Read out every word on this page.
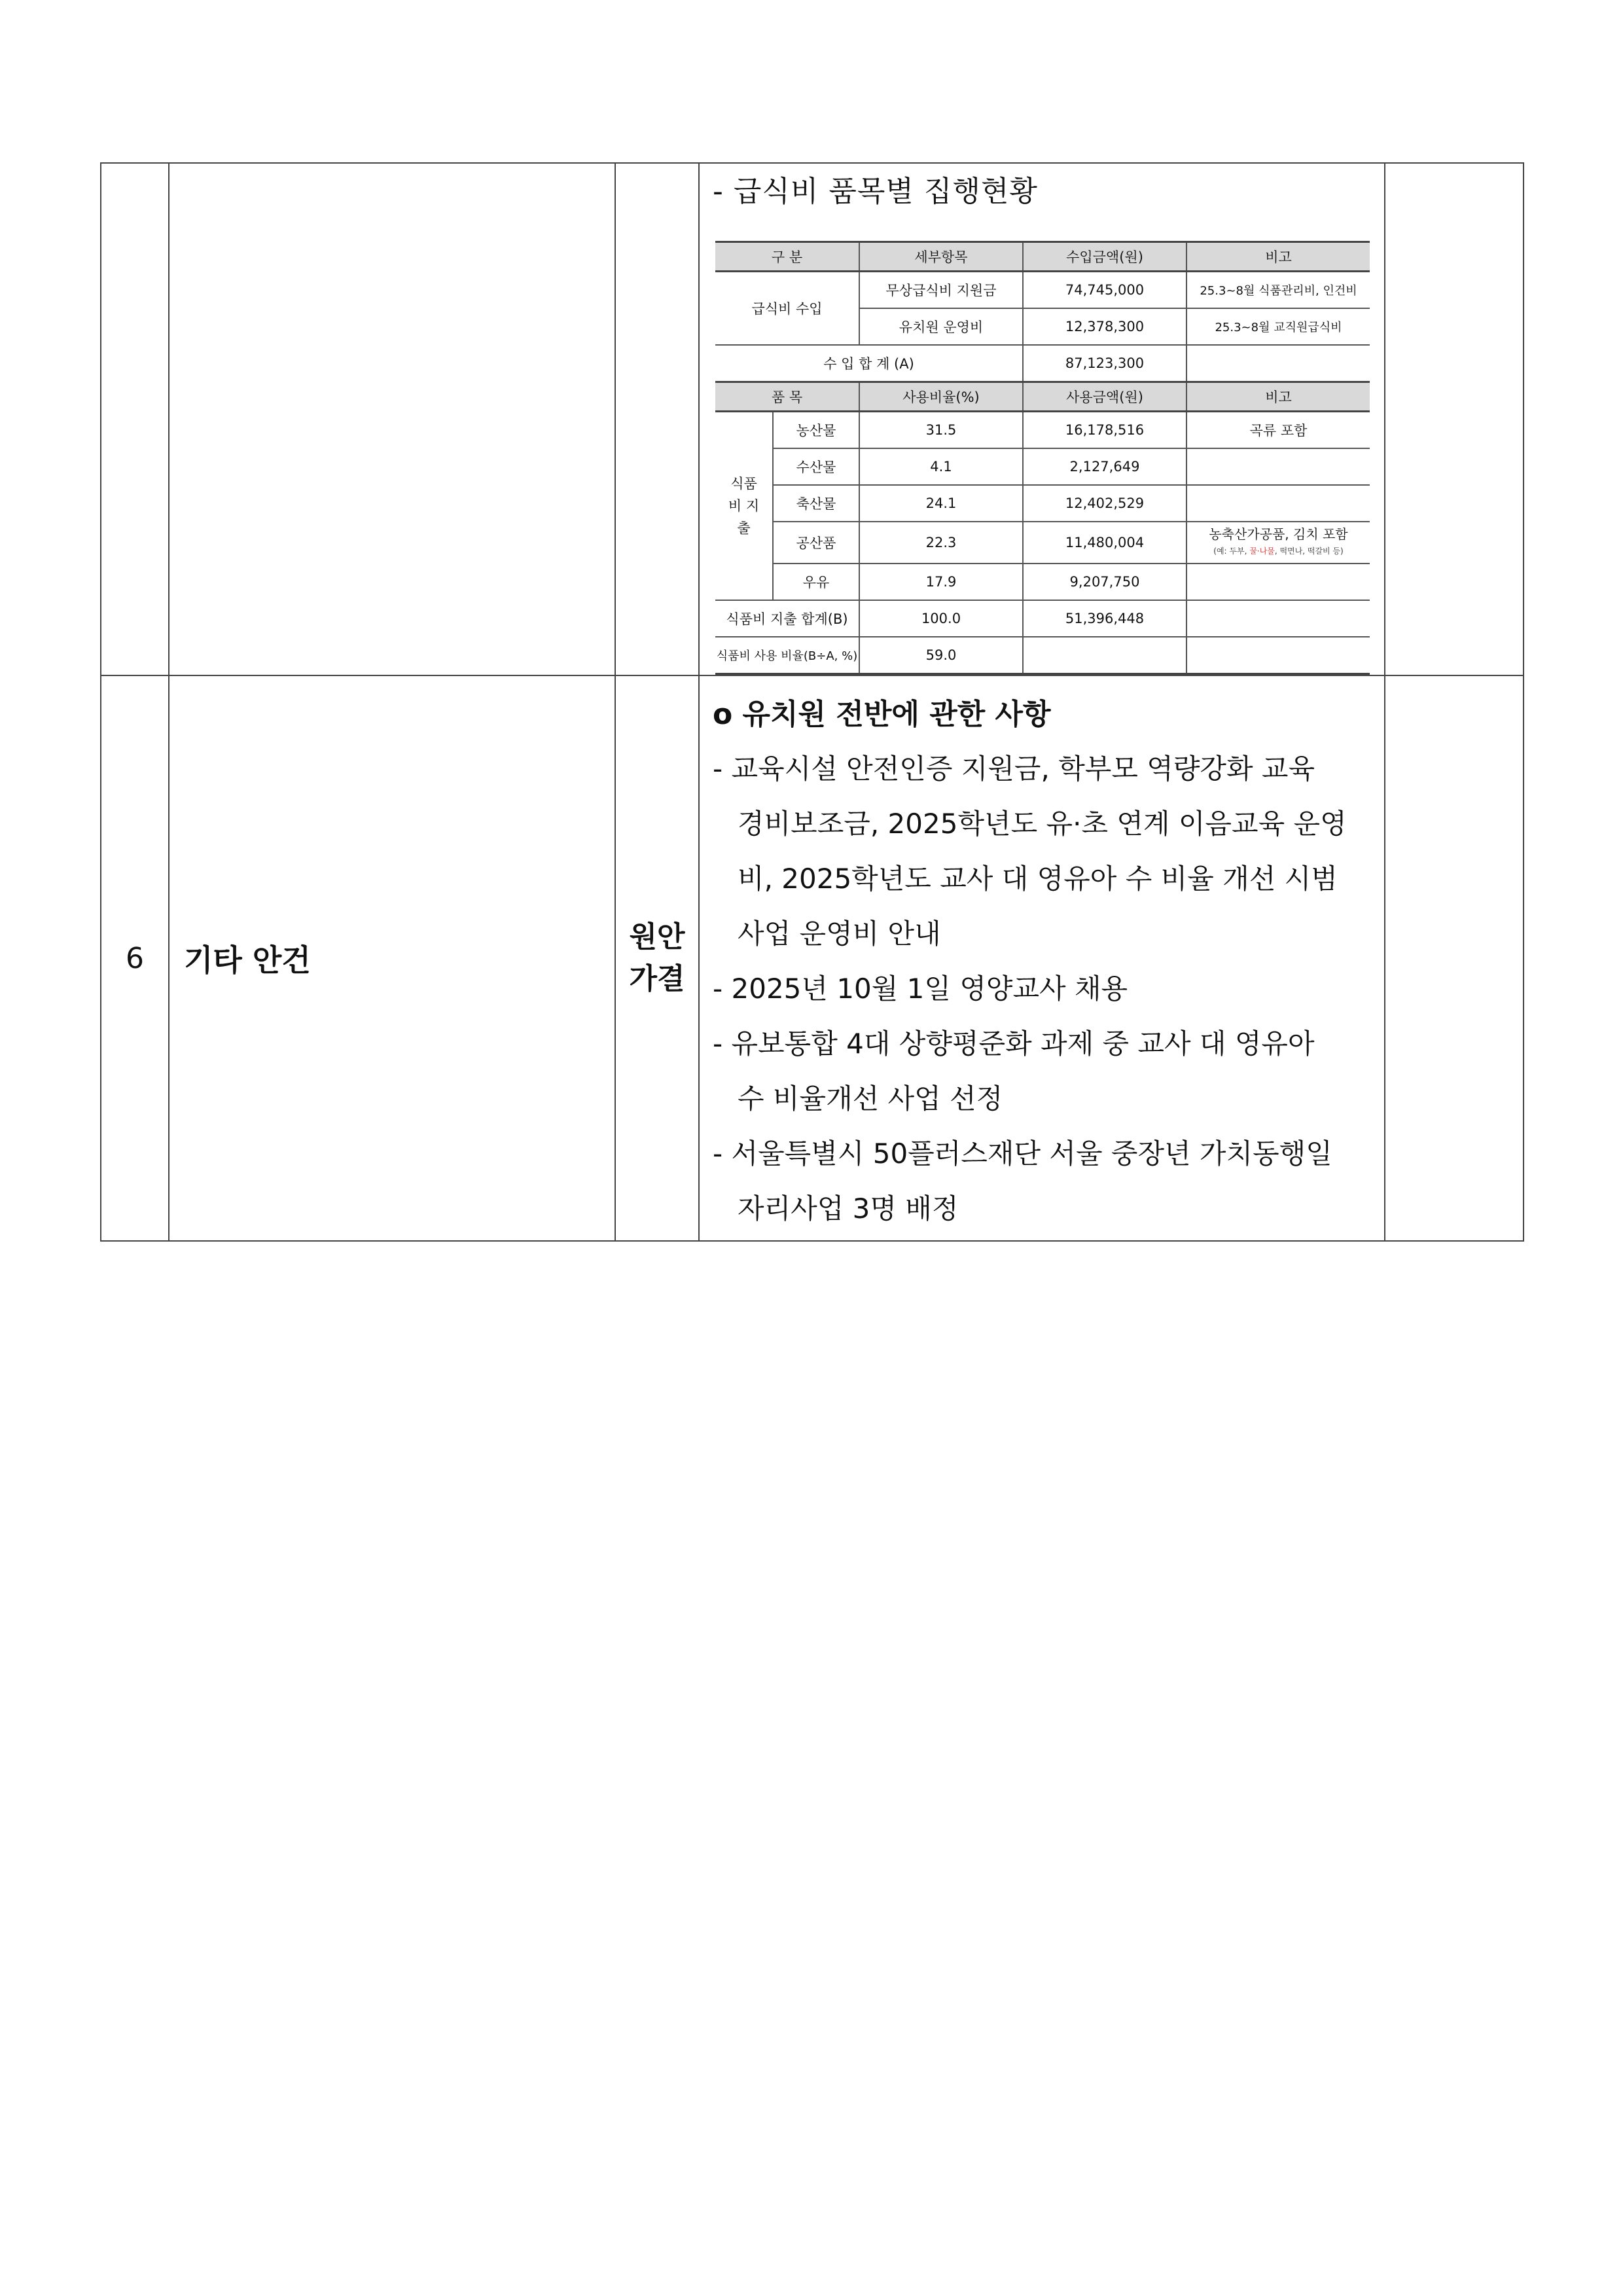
- 급식비 품목별 집행현황
구 분	세부항목	수입금액(원)	비고
급식비 수입	무상급식비 지원금	74,745,000	25.3~8월 식품관리비, 인건비
유치원 운영비	12,378,300	25.3~8월 교직원급식비
수 입 합 계 (A)	87,123,300	
품 목	사용비율(%)	사용금액(원)	비고
식품비 지출	농산물	31.5	16,178,516	곡류 포함
수산물	4.1	2,127,649	
축산물	24.1	12,402,529	
공산품	22.3	11,480,004	농축산가공품, 김치 포함
(예: 두부, 꿀·나물, 떡면나, 떡갈비 등)

우유	17.9	9,207,750	
식품비 지출 합계(B)	100.0	51,396,448	
식품비 사용 비율(B÷A, %)	59.0		

6	기타 안건	
원안
가결

o 유치원 전반에 관한 사항
- 교육시설 안전인증 지원금, 학부모 역량강화 교육
경비보조금, 2025학년도 유·초 연계 이음교육 운영
비, 2025학년도 교사 대 영유아 수 비율 개선 시범
사업 운영비 안내
- 2025년 10월 1일 영양교사 채용
- 유보통합 4대 상향평준화 과제 중 교사 대 영유아
수 비율개선 사업 선정
- 서울특별시 50플러스재단 서울 중장년 가치동행일
자리사업 3명 배정
